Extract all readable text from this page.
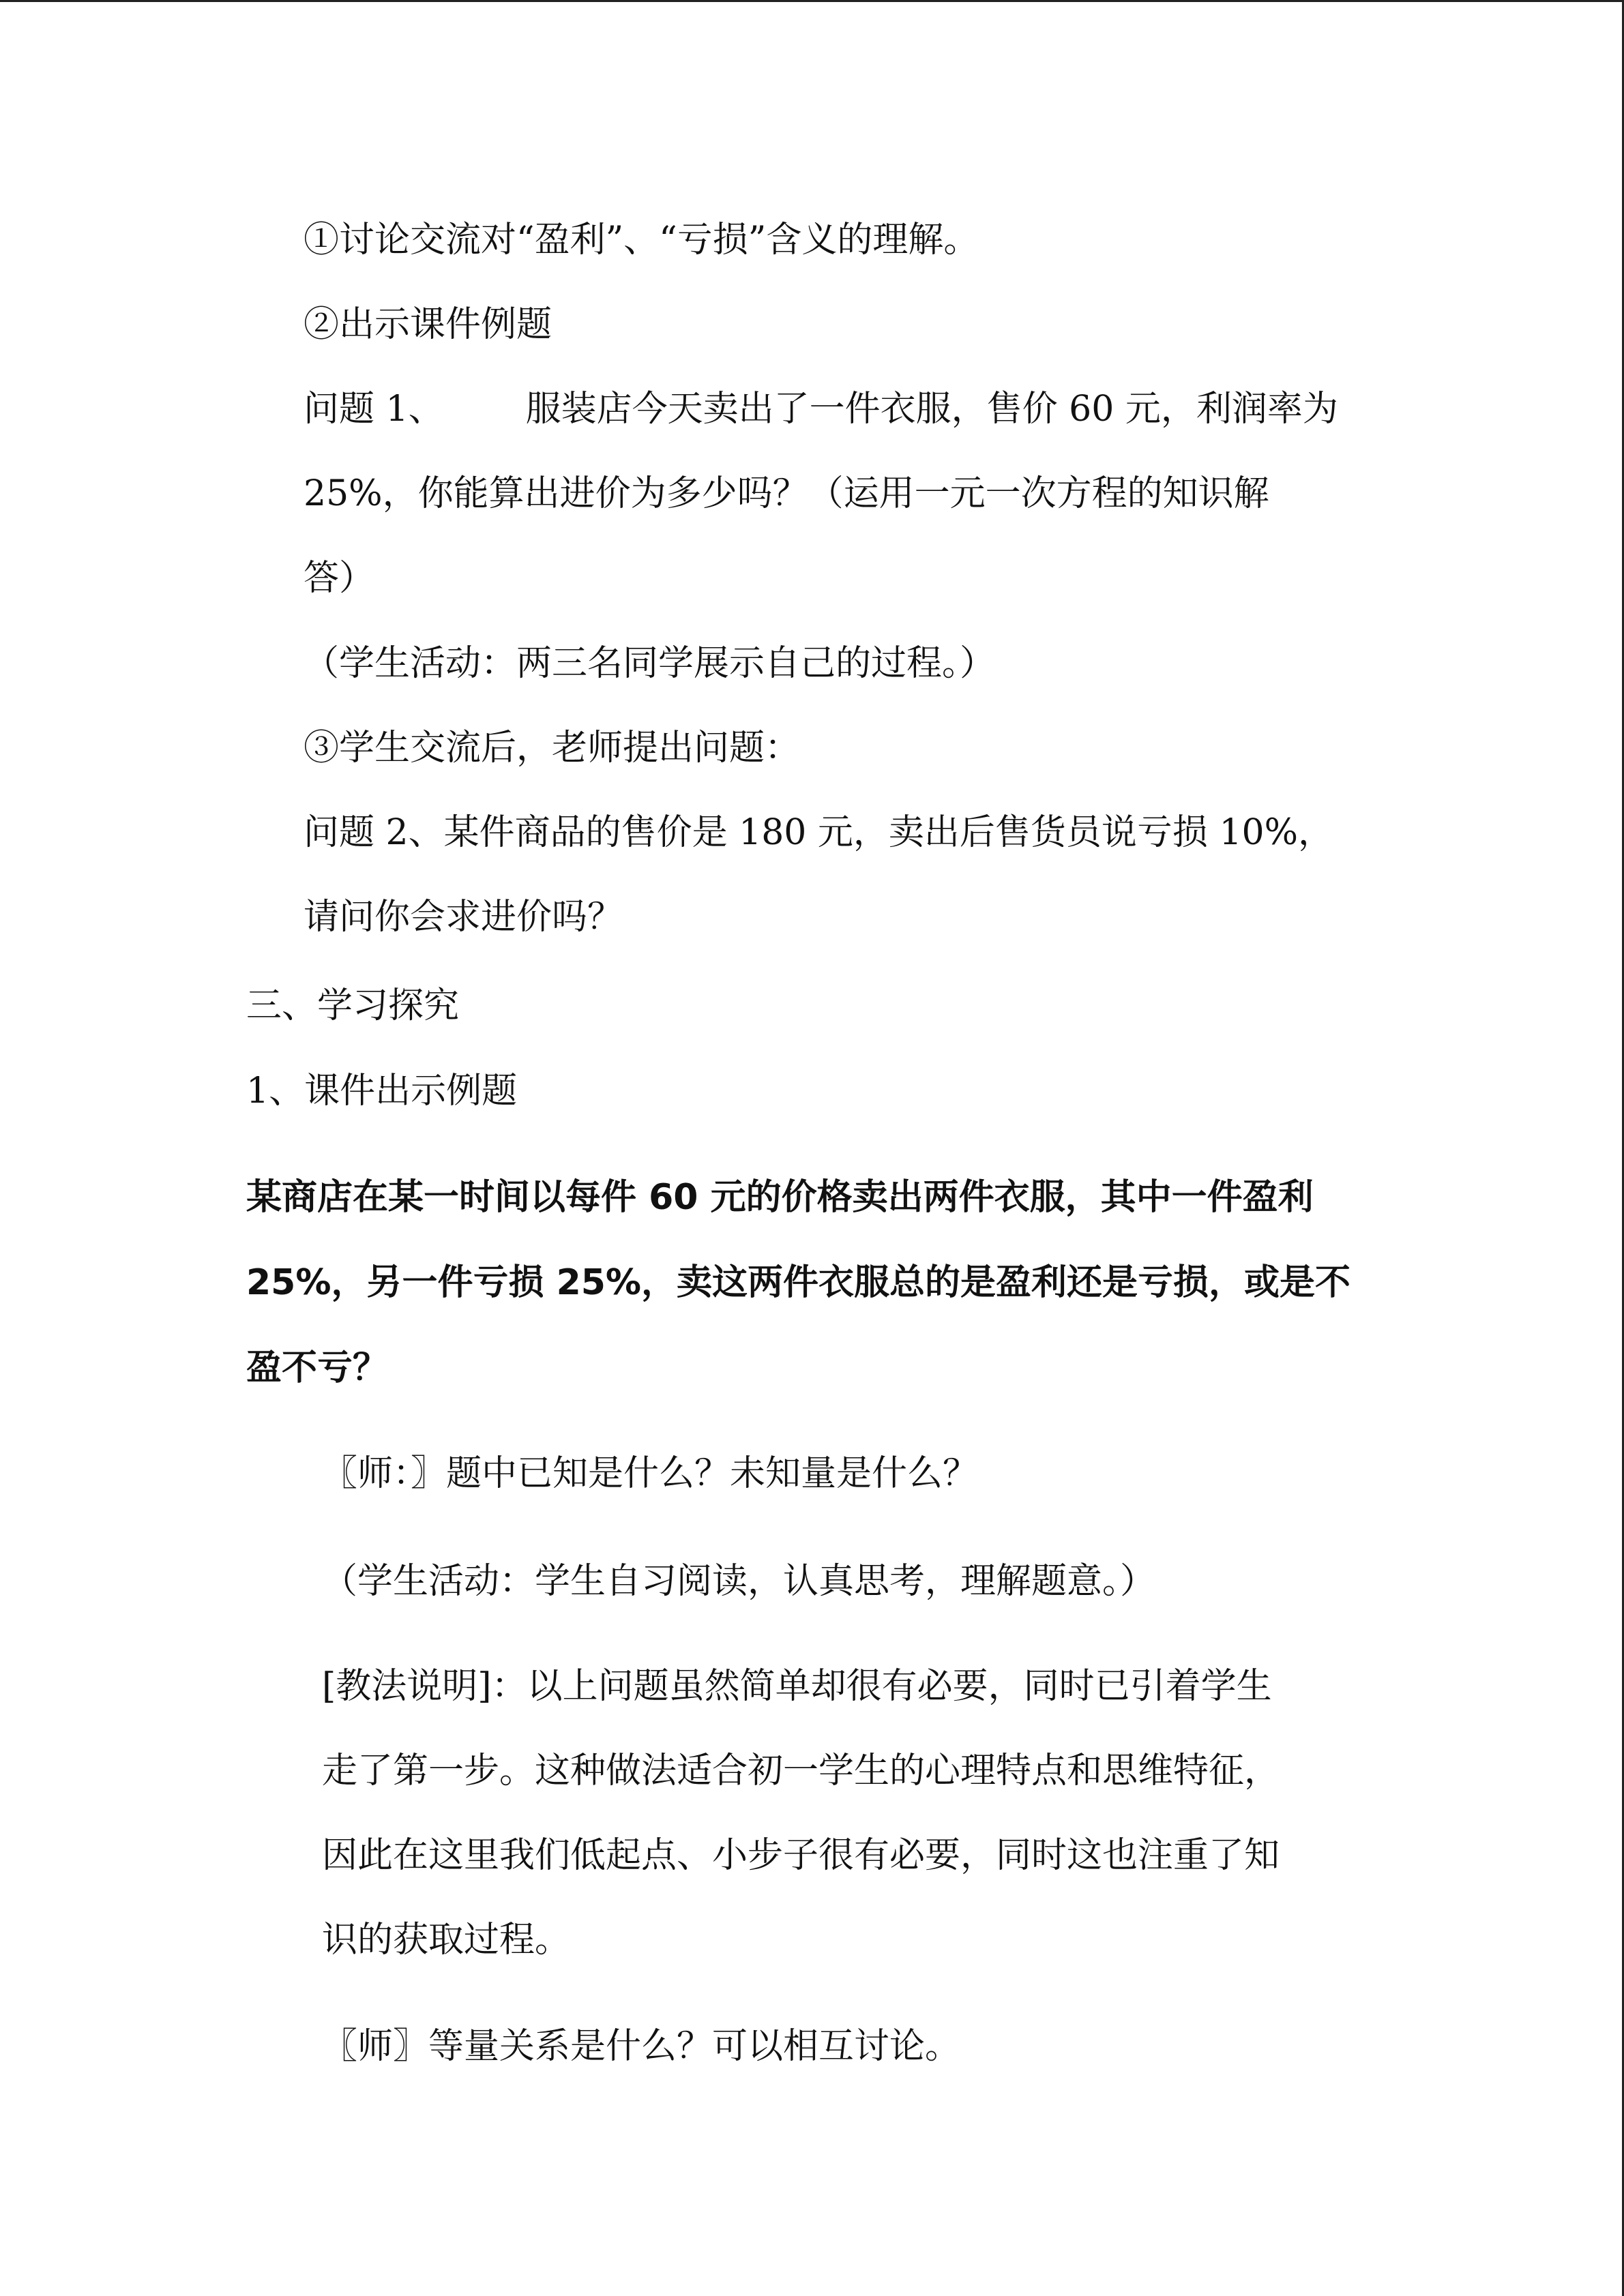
①讨论交流对“盈利”、“亏损”含义的理解。
②出示课件例题
问题 1、 服装店今天卖出了一件衣服，售价 60 元，利润率为
25%，你能算出进价为多少吗？（运用一元一次方程的知识解
答）
（学生活动：两三名同学展示自己的过程。）
③学生交流后，老师提出问题：
问题 2、某件商品的售价是 180 元，卖出后售货员说亏损 10%，
请问你会求进价吗？
三、学习探究
1、课件出示例题
某商店在某一时间以每件 60 元的价格卖出两件衣服，其中一件盈利
25%，另一件亏损 25%，卖这两件衣服总的是盈利还是亏损，或是不
盈不亏？
〖师：〗题中已知是什么？未知量是什么？
（学生活动：学生自习阅读，认真思考，理解题意。）
[教法说明]：以上问题虽然简单却很有必要，同时已引着学生
走了第一步。这种做法适合初一学生的心理特点和思维特征，
因此在这里我们低起点、小步子很有必要，同时这也注重了知
识的获取过程。
〖师〗等量关系是什么？可以相互讨论。
